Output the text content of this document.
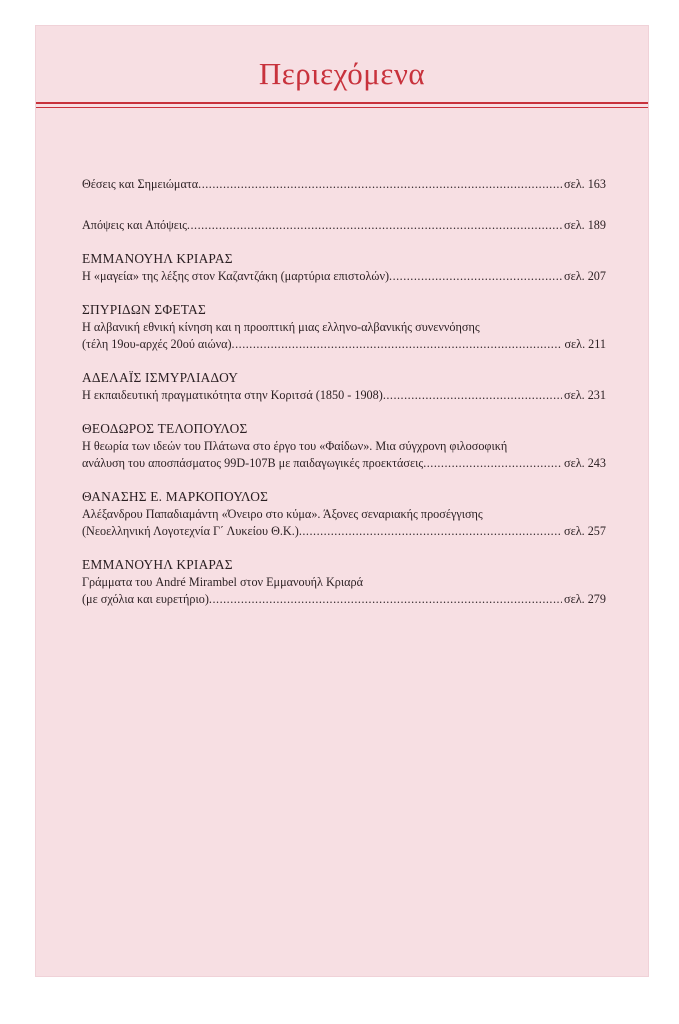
Περιεχόμενα
Θέσεις και Σημειώματα .....	σελ. 163
Απόψεις και Απόψεις .....	σελ. 189
ΕΜΜΑΝΟΥΗΛ ΚΡΙΑΡΑΣ
Η «μαγεία» της λέξης στον Καζαντζάκη (μαρτύρια επιστολών) .....	σελ. 207
ΣΠΥΡΙΔΩΝ ΣΦΕΤΑΣ
Η αλβανική εθνική κίνηση και η προοπτική μιας ελληνο-αλβανικής συνεννόησης
(τέλη 19ου-αρχές 20ού αιώνα) .....	σελ. 211
ΑΔΕΛΑΪΣ ΙΣΜΥΡΛΙΑΔΟΥ
Η εκπαιδευτική πραγματικότητα στην Κοριτσά (1850 - 1908) .....	σελ. 231
ΘΕΟΔΩΡΟΣ ΤΕΛΟΠΟΥΛΟΣ
Η θεωρία των ιδεών του Πλάτωνα στο έργο του «Φαίδων». Μια σύγχρονη φιλοσοφική
ανάλυση του αποσπάσματος 99D-107B με παιδαγωγικές προεκτάσεις .....	σελ. 243
ΘΑΝΑΣΗΣ Ε. ΜΑΡΚΟΠΟΥΛΟΣ
Αλέξανδρου Παπαδιαμάντη «Όνειρο στο κύμα». Άξονες σεναριακής προσέγγισης
(Νεοελληνική Λογοτεχνία Γ΄ Λυκείου Θ.Κ.) .....	σελ. 257
ΕΜΜΑΝΟΥΗΛ ΚΡΙΑΡΑΣ
Γράμματα του André Mirambel στον Εμμανουήλ Κριαρά
(με σχόλια και ευρετήριο) .....	σελ. 279
